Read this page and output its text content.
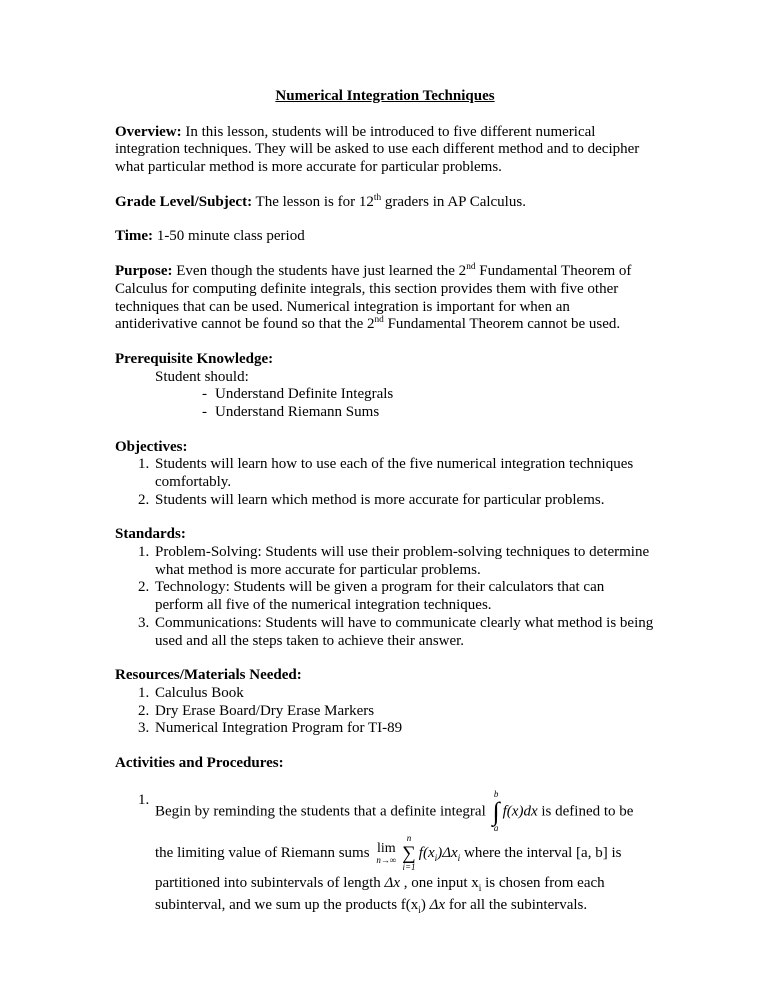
Numerical Integration Techniques
Overview: In this lesson, students will be introduced to five different numerical integration techniques. They will be asked to use each different method and to decipher what particular method is more accurate for particular problems.
Grade Level/Subject: The lesson is for 12th graders in AP Calculus.
Time: 1-50 minute class period
Purpose: Even though the students have just learned the 2nd Fundamental Theorem of Calculus for computing definite integrals, this section provides them with five other techniques that can be used. Numerical integration is important for when an antiderivative cannot be found so that the 2nd Fundamental Theorem cannot be used.
Prerequisite Knowledge:
Student should:
- Understand Definite Integrals
- Understand Riemann Sums
Objectives:
1. Students will learn how to use each of the five numerical integration techniques comfortably.
2. Students will learn which method is more accurate for particular problems.
Standards:
1. Problem-Solving: Students will use their problem-solving techniques to determine what method is more accurate for particular problems.
2. Technology: Students will be given a program for their calculators that can perform all five of the numerical integration techniques.
3. Communications: Students will have to communicate clearly what method is being used and all the steps taken to achieve their answer.
Resources/Materials Needed:
1. Calculus Book
2. Dry Erase Board/Dry Erase Markers
3. Numerical Integration Program for TI-89
Activities and Procedures:
1.
Begin by reminding the students that a definite integral
b
∫
a
f(x)dx is defined to be the limiting value of Riemann sums lim
n→∞
n
∑
i=1
$f(x_i)\Delta x_i$ where the interval [a, b] is partitioned into subintervals of length Δx , one input $x_i$ is chosen from each subinterval, and we sum up the products $f(x_i)$ Δx for all the subintervals.
